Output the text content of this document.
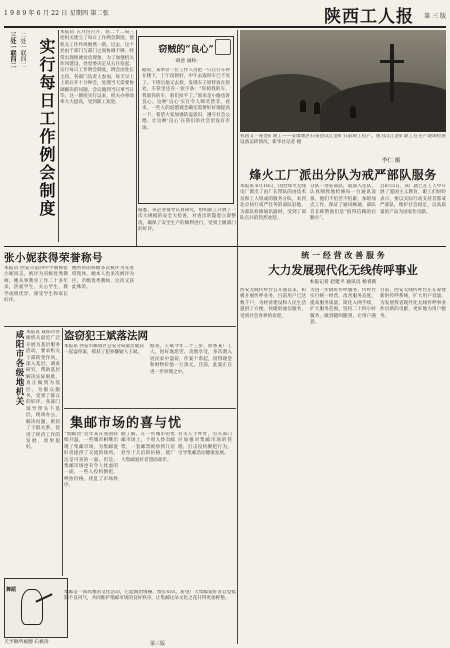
1 9 8 9 年 6 月 22 日 星期四 第二张	陕西工人报 第 三 版
三处一联四二 二处一联四二 实行每日工作例会制度
本报讯 五月份召开，铁二十二局三处机关建立了每日工作例会制度，使机关工作作风焕然一新。过去，这个处由于部门与部门之间协调不够，经常出现推诿扯皮现象，为了加强机关作风建设，处党委决定从五月份起，实行每日工作例会制度，例会由处长主持，各部门负责人参加，每天早上上班后开十分钟会，处理当天需要协调解决的问题，会议做到当日事当日毕。这一制度实行以来，机关办事效率大大提高，受到职工欢迎。
窃贼的“良心”
·胡意 画和·
据说，某单位一位工作人员把一只自行车停在楼下，上午没锁好，中午去取时车已不见了。下班后他又去找，发现车子原样放在原处，车筐里还有一张字条：“你骑我的车，我骑你的车，咱们扯平了。”原来是小偷也讲良心。这种‘良心’实在令人啼笑皆非。看来，一些人的道德观念确实需要好好地提高一下，希望大家加强防盗意识，遵守社会公德，让这种‘良心’在我们的社会里没有市场。
据悉，该企业领导认真研究，组织职工开展了一次大规模的安全大检查，对查出的隐患立即整改，确保了安全生产的顺利进行，受到上级部门的好评。
我国又一座金矿竣工——安康地区石泉县汉江金矿日前竣工投产。图为汉江金矿职工在生产现场检查设备运转情况。新华社记者 摄
李仁 摄
烽火工厂派出分队为戒严部队服务
本报讯 6月18日，国营烽火无线电厂派出了由厂长带队的由技术员和工人组成的服务分队，来到北京执行戒严任务的部队驻地，为部队检修通讯器材，受到了部队官兵的热烈欢迎。
分队一进驻部队，就深入连队，认真细致地检修每一台通讯设备，他们不怕苦不怕累，加班加点工作，保证了通讯畅通，部队首长称赞他们是“值得信赖的后勤兵”。
自6月5日，该厂就已在工人中开展了爱国主义教育，职工们纷纷表示，要以实际行动支持首都戒严部队，维护社会稳定，以高质量的产品为国家作贡献。
张小妮获得荣誉称号
本报讯 西安市第四中学教师张小妮同志，被评为省级优秀教师。她从事教育工作二十多年来，热爱学生，关心学生，教学成绩优异，深受学生和家长好评。
她所带的班级多次被评为先进班集体，她本人也多次被评为区、市级优秀教师，这次又获此殊荣。
统 一 经 营 改 善 服 务
大力发展现代化无线传呼事业
本报记者 赵建平 通讯员 杨青新
咸阳市各级地机关 本报讯 咸阳市各级机关最近广泛开展为基层服务活动，要求机关干部转变作风，深入基层，调查研究，帮助基层解决实际困难，真正做到为基层、为群众服务，受到了群众的好评。各部门领导带头下基层，现场办公，解决问题，密切了干群关系，促进了经济工作的发展，效果很好。
盗窃犯王斌落法网
本报讯 西安市雁塔区公安分局最近破获一起盗窃案，抓获了犯罪嫌疑人王斌。
据查，王斌今年二十三岁，原系某厂工人，因好逸恶劳、贪图享受，多次潜入居民家中盗窃，作案十余起，窃得现金和财物价值一万余元。目前，此案正在进一步审理之中。
集邮市场的喜与忧
“集邮热”近年来在我国持续升温，一些城市相继出现了集邮市场，为集邮爱好者提供了交流的场所。这是可喜的一面。但是，集邮市场也有令人忧虑的一面，一些人投机倒把，哄抬价格，扰乱了市场秩序。
据了解，在一些城市的集邮市场上，个别人炒卖邮票，一套邮票被炒到几倍甚至十几倍的价格，使广大集邮爱好者望而却步。
有关人士呼吁，有关部门应加强对集邮市场的管理，打击投机倒把行为，引导集邮活动健康发展。
舞蹈
天予舞所福德 石被涛
集邮是一项高雅的文化活动，它能陶冶情操，增长知识。希望广大集邮爱好者自觉抵制不良风气，共同维护集邮市场的良好秩序，让集邮这朵文化之花开得更加鲜艳。
第三版
西安无线传呼台自开通以来，积极开展传呼业务，目前用户已达数千户，为经济建设和人民生活提供了方便、快捷的通信服务，受到社会各界的欢迎。
为进一步搞好传呼服务，传呼台实行统一经营，改善服务态度，提高服务质量，简化入网手续，扩大服务范围，坚持二十四小时服务，做到随叫随到，让用户满意。
目前，西安无线传呼台正在筹建新的传呼系统，扩大用户容量，为发展我省现代化无线传呼事业作出新的贡献，更好地为用户服务。
